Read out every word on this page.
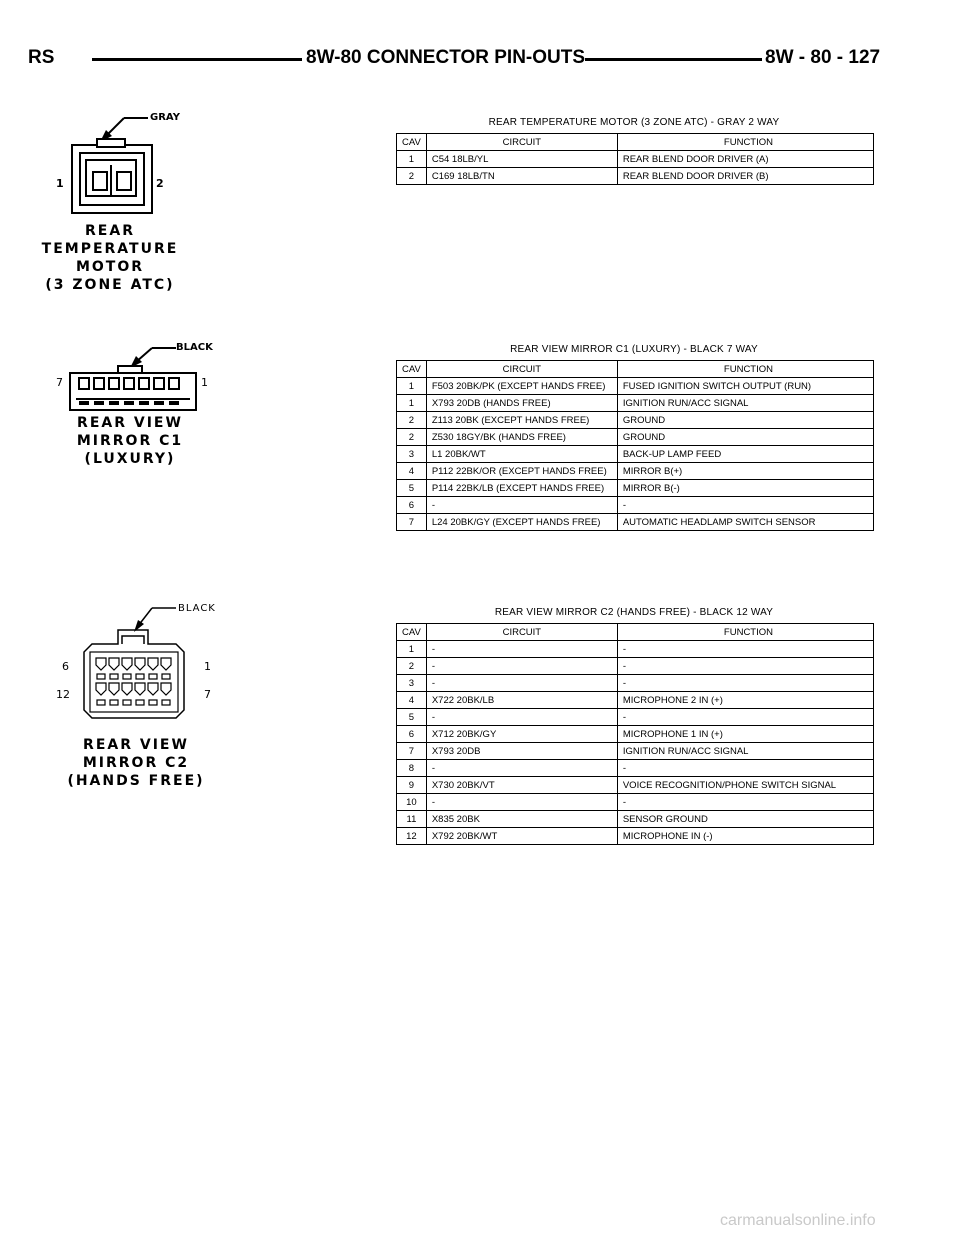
RS	8W-80 CONNECTOR PIN-OUTS	8W - 80 - 127
GRAY
1	2
REAR
TEMPERATURE
MOTOR
(3 ZONE ATC)
REAR TEMPERATURE MOTOR (3 ZONE ATC) - GRAY 2 WAY
CAV	CIRCUIT	FUNCTION
1	C54 18LB/YL	REAR BLEND DOOR DRIVER (A)
2	C169 18LB/TN	REAR BLEND DOOR DRIVER (B)
BLACK
7	1
REAR VIEW
MIRROR C1
(LUXURY)
REAR VIEW MIRROR C1 (LUXURY) - BLACK 7 WAY
CAV	CIRCUIT	FUNCTION
1	F503 20BK/PK (EXCEPT HANDS FREE)	FUSED IGNITION SWITCH OUTPUT (RUN)
1	X793 20DB (HANDS FREE)	IGNITION RUN/ACC SIGNAL
2	Z113 20BK (EXCEPT HANDS FREE)	GROUND
2	Z530 18GY/BK (HANDS FREE)	GROUND
3	L1 20BK/WT	BACK-UP LAMP FEED
4	P112 22BK/OR (EXCEPT HANDS FREE)	MIRROR B(+)
5	P114 22BK/LB (EXCEPT HANDS FREE)	MIRROR B(-)
6	-	-
7	L24 20BK/GY (EXCEPT HANDS FREE)	AUTOMATIC HEADLAMP SWITCH SENSOR
BLACK
6	1
12	7
REAR VIEW
MIRROR C2
(HANDS FREE)
REAR VIEW MIRROR C2 (HANDS FREE) - BLACK 12 WAY
CAV	CIRCUIT	FUNCTION
1	-	-
2	-	-
3	-	-
4	X722 20BK/LB	MICROPHONE 2 IN (+)
5	-	-
6	X712 20BK/GY	MICROPHONE 1 IN (+)
7	X793 20DB	IGNITION RUN/ACC SIGNAL
8	-	-
9	X730 20BK/VT	VOICE RECOGNITION/PHONE SWITCH SIGNAL
10	-	-
11	X835 20BK	SENSOR GROUND
12	X792 20BK/WT	MICROPHONE IN (-)
carmanualsonline.info
